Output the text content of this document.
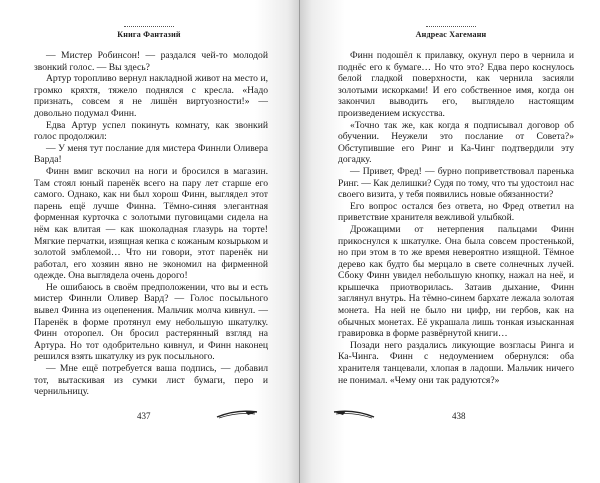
Книга Фантазий

— Мистер Робинсон! — раздался чей-то молодой звонкий голос. — Вы здесь?

Артур торопливо вернул накладной живот на место и, громко кряхтя, тяжело поднялся с кресла. «Надо признать, совсем я не лишён виртуозности!» — довольно подумал Финн.

Едва Артур успел покинуть комнату, как звонкий голос продолжил:

— У меня тут послание для мистера Финнли Оливера Варда!

Финн вмиг вскочил на ноги и бросился в магазин. Там стоял юный паренёк всего на пару лет старше его самого. Однако, как ни был хорош Финн, выглядел этот парень ещё лучше Финна. Тёмно-синяя элегантная форменная курточка с золотыми пуговицами сидела на нём как влитая — как шоколадная глазурь на торте! Мягкие перчатки, изящная кепка с кожаным козырьком и золотой эмблемой… Что ни говори, этот паренёк ни работал, его хозяин явно не экономил на фирменной одежде. Она выглядела очень дорого!

Не ошибаюсь в своём предположении, что вы и есть мистер Финнли Оливер Вард? — Голос посыльного вывел Финна из оцепенения. Мальчик молча кивнул. — Паренёк в форме протянул ему небольшую шкатулку. Финн оторопел. Он бросил растерянный взгляд на Артура. Но тот одобрительно кивнул, и Финн наконец решился взять шкатулку из рук посыльного.

— Мне ещё потребуется ваша подпись, — добавил тот, вытаскивая из сумки лист бумаги, перо и чернильницу.

437
Андреас Хагеманн

Финн подошёл к прилавку, окунул перо в чернила и поднёс его к бумаге… Но что это? Едва перо коснулось белой гладкой поверхности, как чернила засияли золотыми искорками! И его собственное имя, когда он закончил выводить его, выглядело настоящим произведением искусства.

«Точно так же, как когда я подписывал договор об обучении. Неужели это послание от Совета?» Обступившие его Ринг и Ка-Чинг подтвердили эту догадку.

— Привет, Фред! — бурно поприветствовал паренька Ринг. — Как делишки? Судя по тому, что ты удостоил нас своего визита, у тебя появились новые обязанности?

Его вопрос остался без ответа, но Фред ответил на приветствие хранителя вежливой улыбкой.

Дрожащими от нетерпения пальцами Финн прикоснулся к шкатулке. Она была совсем простенькой, но при этом в то же время невероятно изящной. Тёмное дерево как будто бы мерцало в свете солнечных лучей. Сбоку Финн увидел небольшую кнопку, нажал на неё, и крышечка приотворилась. Затаив дыхание, Финн заглянул внутрь. На тёмно-синем бархате лежала золотая монета. На ней не было ни цифр, ни гербов, как на обычных монетах. Её украшала лишь тонкая изысканная гравировка в форме развёрнутой книги…

Позади него раздались ликующие возгласы Ринга и Ка-Чинга. Финн с недоумением обернулся: оба хранителя танцевали, хлопая в ладоши. Мальчик ничего не понимал. «Чему они так радуются?»

438
